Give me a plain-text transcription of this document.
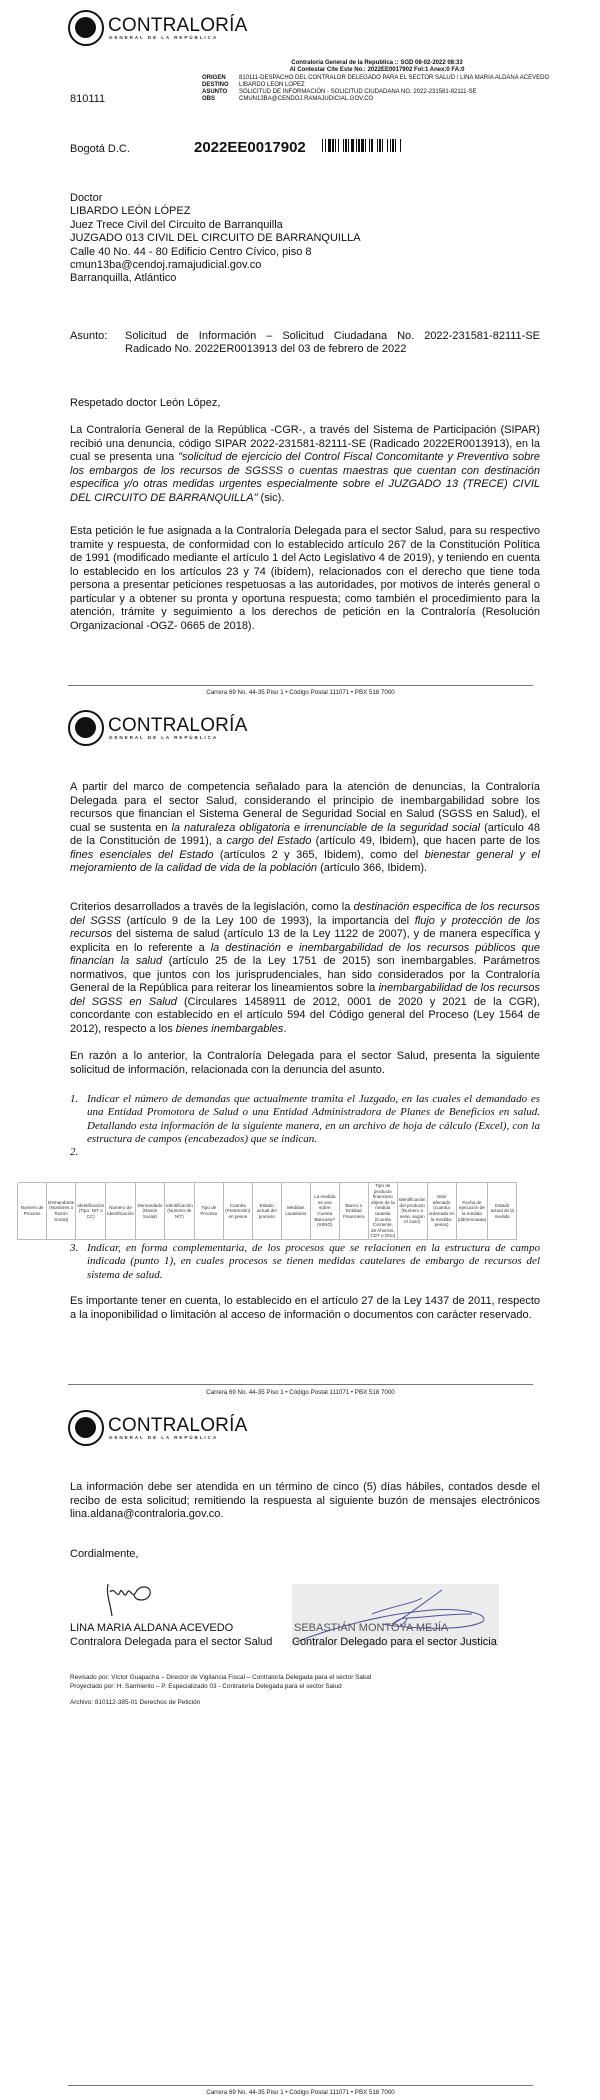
CONTRALORÍA
GENERAL DE LA REPÚBLICA
Contraloria General de la Republica :: SGD 08-02-2022 08:33
Al Contestar Cite Este No.: 2022EE0017902 Fol:1 Anex:0 FA:0
ORIGEN	810111-DESPACHO DEL CONTRALOR DELEGADO PARA EL SECTOR SALUD / LINA MARIA ALDANA ACEVEDO
DESTINO	LIBARDO LEON LOPEZ
ASUNTO	SOLICITUD DE INFORMACIÓN - SOLICITUD CIUDADANA NO. 2022-231581-82111-SE
OBS	CMUN13BA@CENDOJ.RAMAJUDICIAL.GOV.CO
810111
Bogotá D.C.	2022EE0017902
Doctor
LIBARDO LEÓN LÓPEZ
Juez Trece Civil del Circuito de Barranquilla
JUZGADO 013 CIVIL DEL CIRCUITO DE BARRANQUILLA
Calle 40 No. 44 - 80 Edificio Centro Cívico, piso 8
cmun13ba@cendoj.ramajudicial.gov.co
Barranquilla, Atlántico
Asunto:	Solicitud de Información – Solicitud Ciudadana No. 2022-231581-82111-SE
Radicado No. 2022ER0013913 del 03 de febrero de 2022
Respetado doctor León López,
La Contraloría General de la República -CGR-, a través del Sistema de Participación (SIPAR) recibió una denuncia, código SIPAR 2022-231581-82111-SE (Radicado 2022ER0013913), en la cual se presenta una "solicitud de ejercicio del Control Fiscal Concomitante y Preventivo sobre los embargos de los recursos de SGSSS o cuentas maestras que cuentan con destinación especifica y/o otras medidas urgentes especialmente sobre el JUZGADO 13 (TRECE) CIVIL DEL CIRCUITO DE BARRANQUILLA" (sic).
Esta petición le fue asignada a la Contraloría Delegada para el sector Salud, para su respectivo tramite y respuesta, de conformidad con lo establecido artículo 267 de la Constitución Política de 1991 (modificado mediante el artículo 1 del Acto Legislativo 4 de 2019), y teniendo en cuenta lo establecido en los artículos 23 y 74 (ibídem), relacionados con el derecho que tiene toda persona a presentar peticiones respetuosas a las autoridades, por motivos de interés general o particular y a obtener su pronta y oportuna respuesta; como también el procedimiento para la atención, trámite y seguimiento a los derechos de petición en la Contraloría (Resolución Organizacional -OGZ- 0665 de 2018).
Carrera 69 No. 44-35 Piso 1 • Código Postal 111071 • PBX 518 7000
CONTRALORÍA
GENERAL DE LA REPÚBLICA
A partir del marco de competencia señalado para la atención de denuncias, la Contraloría Delegada para el sector Salud, considerando el principio de inembargabilidad sobre los recursos que financian el Sistema General de Seguridad Social en Salud (SGSS en Salud), el cual se sustenta en la naturaleza obligatoria e irrenunciable de la seguridad social (artículo 48 de la Constitución de 1991), a cargo del Estado (artículo 49, Ibidem), que hacen parte de los fines esenciales del Estado (artículos 2 y 365, Ibidem), como del bienestar general y el mejoramiento de la calidad de vida de la población (artículo 366, Ibidem).
Criterios desarrollados a través de la legislación, como la destinación especifica de los recursos del SGSS (artículo 9 de la Ley 100 de 1993), la importancia del flujo y protección de los recursos del sistema de salud (artículo 13 de la Ley 1122 de 2007), y de manera específica y explicita en lo referente a la destinación e inembargabilidad de los recursos públicos que financian la salud (artículo 25 de la Ley 1751 de 2015) son inembargables. Parámetros normativos, que juntos con los jurisprudenciales, han sido considerados por la Contraloría General de la República para reiterar los lineamientos sobre la inembargabilidad de los recursos del SGSS en Salud (Circulares 1458911 de 2012, 0001 de 2020 y 2021 de la CGR), concordante con establecido en el artículo 594 del Código general del Proceso (Ley 1564 de 2012), respecto a los bienes inembargables.
En razón a lo anterior, la Contraloría Delegada para el sector Salud, presenta la siguiente solicitud de información, relacionada con la denuncia del asunto.
1. Indicar el número de demandas que actualmente tramita el Juzgado, en las cuales el demandado es una Entidad Promotora de Salud o una Entidad Administradora de Planes de Beneficios en salud. Detallando esta información de la siguiente manera, en un archivo de hoja de cálculo (Excel), con la estructura de campos (encabezados) que se indican.
2.

Numero de Proceso	Demandante (Nombres o Razón Social)	Identificación (Tipo: NIT o CC)	Numero de Identificación	Demandado (Razón Social)	Identificación (Numero de NIT)	Tipo de Proceso	Cuantía (Pretensión) en pesos	Estado actual del proceso	Medidas cautelares	La medida es una sobre Cuenta Bancaria? (SI/NO)	Banco o Entidad Financiera	Tipo de producto financiero objeto de la medida cautelar (Cuenta Corriente, de Ahorros, CDT u Otro)	Identificación del producto (Numero o serie, según el caso)	Valor afectado (cuantía ordenada en la medida- pesos)	Fecha de ejecución de la medida (dd/mm/aaaa)	Estado actual de la medida
3. Indicar, en forma complementaria, de los procesos que se relacionen en la estructura de campo indicada (punto 1), en cuales procesos se tienen medidas cautelares de embargo de recursos del sistema de salud.
Es importante tener en cuenta, lo establecido en el artículo 27 de la Ley 1437 de 2011, respecto a la inoponibilidad o limitación al acceso de información o documentos con carácter reservado.
Carrera 69 No. 44-35 Piso 1 • Código Postal 111071 • PBX 518 7000
CONTRALORÍA
GENERAL DE LA REPÚBLICA
La información debe ser atendida en un término de cinco (5) días hábiles, contados desde el recibo de esta solicitud; remitiendo la respuesta al siguiente buzón de mensajes electrónicos lina.aldana@contraloria.gov.co.
Cordialmente,
LINA MARIA ALDANA ACEVEDO
Contralora Delegada para el sector Salud
SEBASTIÁN MONTOYA MEJÍA
Contralor Delegado para el sector Justicia
Revisado por: Víctor Guapacha – Director de Vigilancia Fiscal – Contraloría Delegada para el sector Salud
Proyectado por: H. Sarmiento – P. Especializado 03 - Contraloría Delegada para el sector Salud
Archivo: 810112-385-01 Derechos de Petición
Carrera 69 No. 44-35 Piso 1 • Código Postal 111071 • PBX 518 7000
